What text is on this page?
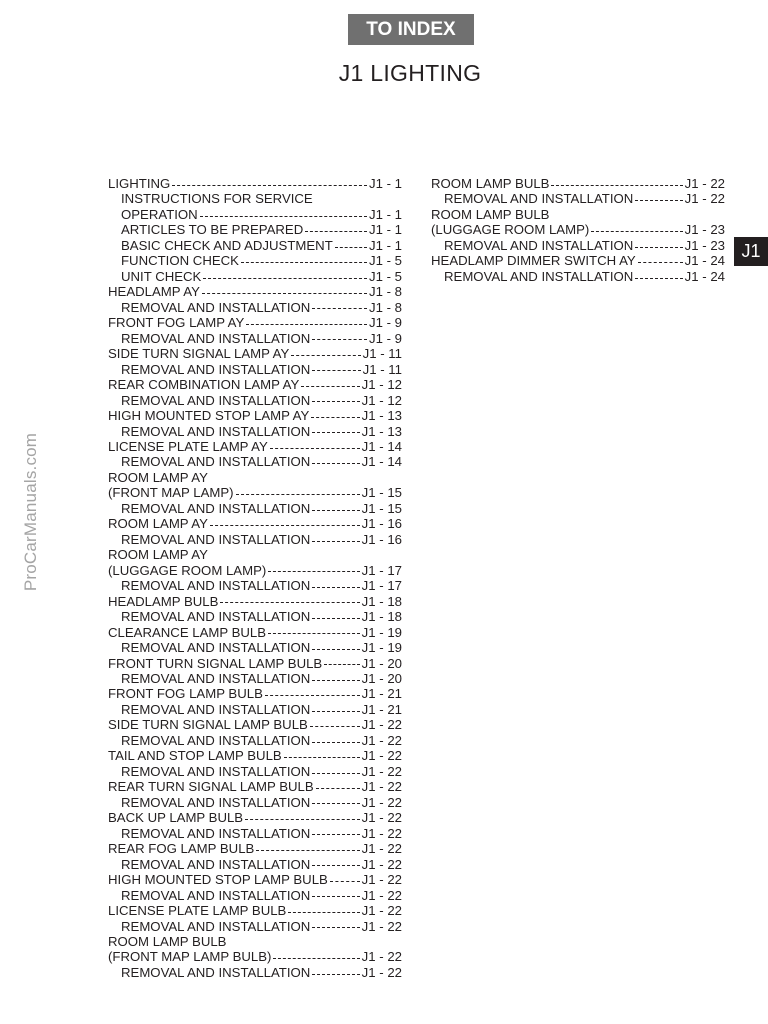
TO INDEX
J1 LIGHTING
J1
ProCarManuals.com
LIGHTING	J1 - 1
INSTRUCTIONS FOR SERVICE
OPERATION	J1 - 1
ARTICLES TO BE PREPARED	J1 - 1
BASIC CHECK AND ADJUSTMENT	J1 - 1
FUNCTION CHECK	J1 - 5
UNIT CHECK	J1 - 5
HEADLAMP AY	J1 - 8
REMOVAL AND INSTALLATION	J1 - 8
FRONT FOG LAMP AY	J1 - 9
REMOVAL AND INSTALLATION	J1 - 9
SIDE TURN SIGNAL LAMP AY	J1 - 11
REMOVAL AND INSTALLATION	J1 - 11
REAR COMBINATION LAMP AY	J1 - 12
REMOVAL AND INSTALLATION	J1 - 12
HIGH MOUNTED STOP LAMP AY	J1 - 13
REMOVAL AND INSTALLATION	J1 - 13
LICENSE PLATE LAMP AY	J1 - 14
REMOVAL AND INSTALLATION	J1 - 14
ROOM LAMP AY
(FRONT MAP LAMP)	J1 - 15
REMOVAL AND INSTALLATION	J1 - 15
ROOM LAMP AY	J1 - 16
REMOVAL AND INSTALLATION	J1 - 16
ROOM LAMP AY
(LUGGAGE ROOM LAMP)	J1 - 17
REMOVAL AND INSTALLATION	J1 - 17
HEADLAMP BULB	J1 - 18
REMOVAL AND INSTALLATION	J1 - 18
CLEARANCE LAMP BULB	J1 - 19
REMOVAL AND INSTALLATION	J1 - 19
FRONT TURN SIGNAL LAMP BULB	J1 - 20
REMOVAL AND INSTALLATION	J1 - 20
FRONT FOG LAMP BULB	J1 - 21
REMOVAL AND INSTALLATION	J1 - 21
SIDE TURN SIGNAL LAMP BULB	J1 - 22
REMOVAL AND INSTALLATION	J1 - 22
TAIL AND STOP LAMP BULB	J1 - 22
REMOVAL AND INSTALLATION	J1 - 22
REAR TURN SIGNAL LAMP BULB	J1 - 22
REMOVAL AND INSTALLATION	J1 - 22
BACK UP LAMP BULB	J1 - 22
REMOVAL AND INSTALLATION	J1 - 22
REAR FOG LAMP BULB	J1 - 22
REMOVAL AND INSTALLATION	J1 - 22
HIGH MOUNTED STOP LAMP BULB	J1 - 22
REMOVAL AND INSTALLATION	J1 - 22
LICENSE PLATE LAMP BULB	J1 - 22
REMOVAL AND INSTALLATION	J1 - 22
ROOM LAMP BULB
(FRONT MAP LAMP BULB)	J1 - 22
REMOVAL AND INSTALLATION	J1 - 22
ROOM LAMP BULB	J1 - 22
REMOVAL AND INSTALLATION	J1 - 22
ROOM LAMP BULB
(LUGGAGE ROOM LAMP)	J1 - 23
REMOVAL AND INSTALLATION	J1 - 23
HEADLAMP DIMMER SWITCH AY	J1 - 24
REMOVAL AND INSTALLATION	J1 - 24
